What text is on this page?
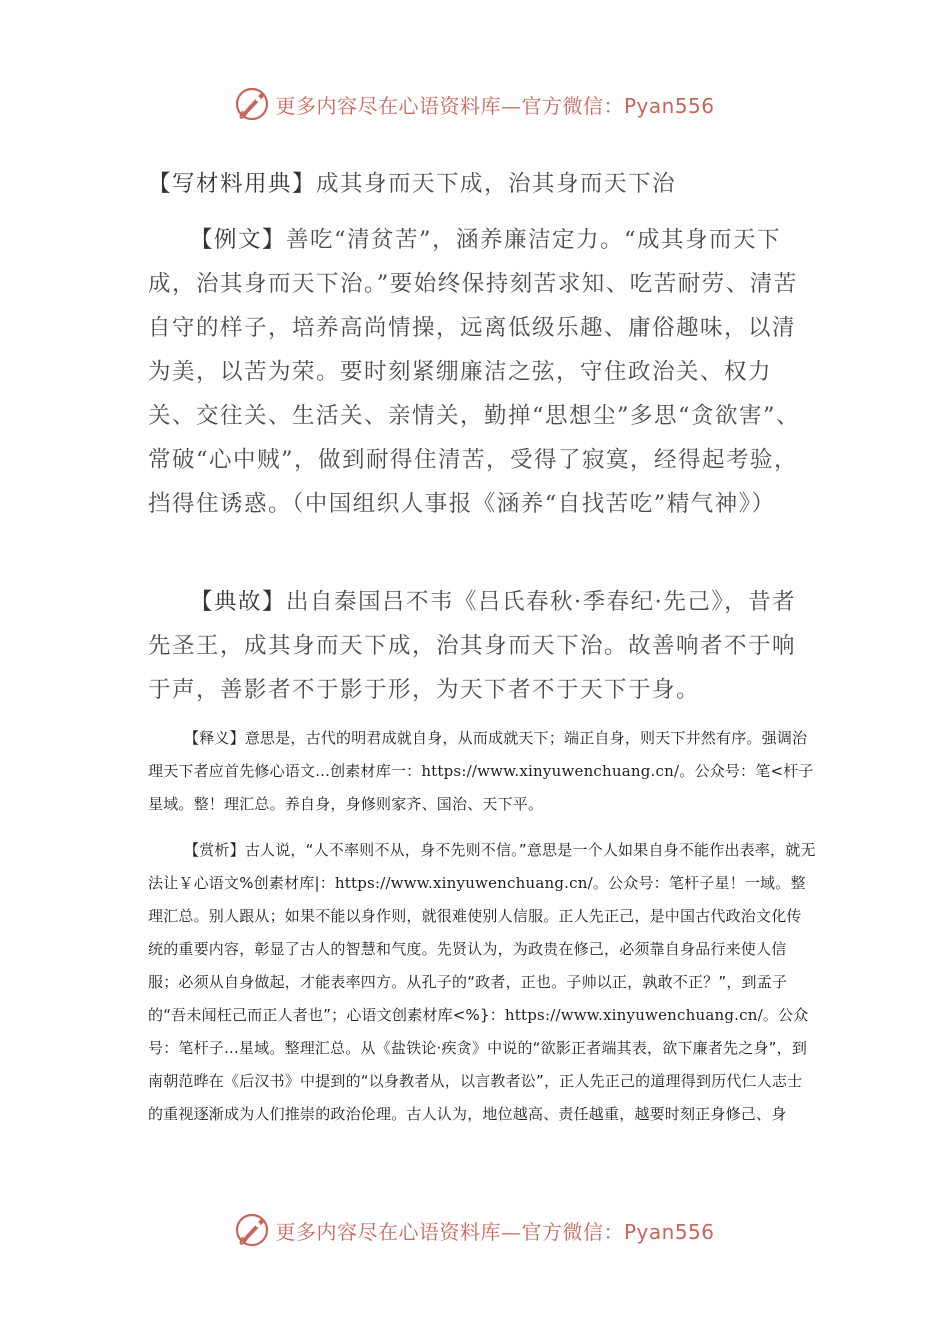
更多内容尽在心语资料库—官方微信：Pyan556

【写材料用典】成其身而天下成，治其身而天下治

【例文】善吃“清贫苦”，涵养廉洁定力。“成其身而天下成，治其身而天下治。”要始终保持刻苦求知、吃苦耐劳、清苦自守的样子，培养高尚情操，远离低级乐趣、庸俗趣味，以清为美，以苦为荣。要时刻紧绷廉洁之弦，守住政治关、权力关、交往关、生活关、亲情关，勤掸“思想尘”多思“贪欲害”、常破“心中贼”，做到耐得住清苦，受得了寂寞，经得起考验，挡得住诱惑。（中国组织人事报《涵养“自找苦吃”精气神》）

【典故】出自秦国吕不韦《吕氏春秋·季春纪·先己》，昔者先圣王，成其身而天下成，治其身而天下治。故善响者不于响于声，善影者不于影于形，为天下者不于天下于身。

【释义】意思是，古代的明君成就自身，从而成就天下；端正自身，则天下井然有序。强调治理天下者应首先修心语文...创素材库一：https://www.xinyuwenchuang.cn/。公众号：笔<杆子星域。整！理汇总。养自身，身修则家齐、国治、天下平。

【赏析】古人说，“人不率则不从，身不先则不信。”意思是一个人如果自身不能作出表率，就无法让￥心语文%创素材库|：https://www.xinyuwenchuang.cn/。公众号：笔杆子星！一域。整理汇总。别人跟从；如果不能以身作则，就很难使别人信服。正人先正己，是中国古代政治文化传统的重要内容，彰显了古人的智慧和气度。先贤认为，为政贵在修己，必须靠自身品行来使人信服；必须从自身做起，才能表率四方。从孔子的“政者，正也。子帅以正，孰敢不正？”，到孟子的“吾未闻枉己而正人者也”；心语文创素材库<%}：https://www.xinyuwenchuang.cn/。公众号：笔杆子...星域。整理汇总。从《盐铁论·疾贪》中说的“欲影正者端其表，欲下廉者先之身”，到南朝范晔在《后汉书》中提到的“以身教者从，以言教者讼”，正人先正己的道理得到历代仁人志士的重视逐渐成为人们推崇的政治伦理。古人认为，地位越高、责任越重，越要时刻正身修己、身

更多内容尽在心语资料库—官方微信：Pyan556
